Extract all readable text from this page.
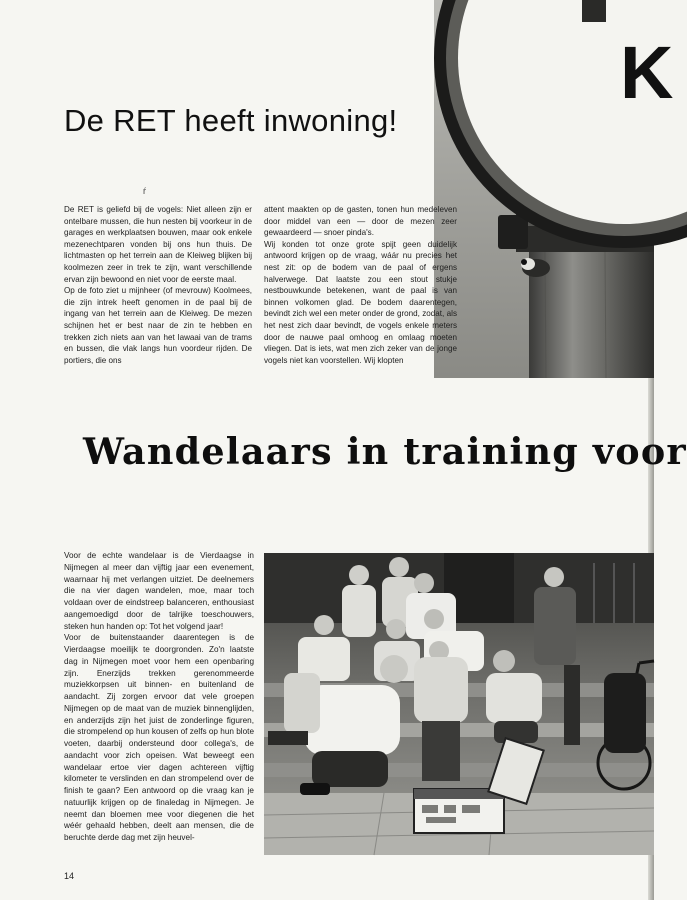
K
De RET heeft inwoning!
ŕ

De RET is geliefd bij de vogels: Niet alleen zijn er ontelbare mussen, die hun nesten bij voorkeur in de garages en werkplaatsen bouwen, maar ook enkele mezenechtparen vonden bij ons hun thuis. De lichtmasten op het terrein aan de Kleiweg blijken bij koolmezen zeer in trek te zijn, want verschillende ervan zijn bewoond en niet voor de eerste maal.

Op de foto ziet u mijnheer (of mevrouw) Koolmees, die zijn intrek heeft genomen in de paal bij de ingang van het terrein aan de Kleiweg. De mezen schijnen het er best naar de zin te hebben en trekken zich niets aan van het lawaai van de trams en bussen, die vlak langs hun voordeur rijden. De portiers, die ons

attent maakten op de gasten, tonen hun medeleven door middel van een — door de mezen zeer gewaardeerd — snoer pinda's.

Wij konden tot onze grote spijt geen duidelijk antwoord krijgen op de vraag, wáár nu precies het nest zit: op de bodem van de paal of ergens halverwege. Dat laatste zou een stout stukje nestbouwkunde betekenen, want de paal is van binnen volkomen glad. De bodem daarentegen, bevindt zich wel een meter onder de grond, zodat, als het nest zich daar bevindt, de vogels enkele meters door de nauwe paal omhoog en omlaag moeten vliegen. Dat is iets, wat men zich zeker van de jonge vogels niet kan voorstellen. Wij klopten

Wandelaars in training voor

Voor de echte wandelaar is de Vierdaagse in Nijmegen al meer dan vijftig jaar een evenement, waarnaar hij met verlangen uitziet. De deelnemers die na vier dagen wandelen, moe, maar toch voldaan over de eindstreep balanceren, enthousiast aangemoedigd door de talrijke toeschouwers, steken hun handen op: Tot het volgend jaar!

Voor de buitenstaander daarentegen is de Vierdaagse moeilijk te doorgronden. Zo'n laatste dag in Nijmegen moet voor hem een openbaring zijn. Enerzijds trekken gerenommeerde muziekkorpsen uit binnen- en buitenland de aandacht. Zij zorgen ervoor dat vele groepen Nijmegen op de maat van de muziek binnenglijden, en anderzijds zijn het juist de zonderlinge figuren, die strompelend op hun kousen of zelfs op hun blote voeten, daarbij ondersteund door collega's, de aandacht voor zich opeisen. Wat beweegt een wandelaar ertoe vier dagen achtereen vijftig kilometer te verslinden en dan strompelend over de finish te gaan? Een antwoord op die vraag kan je natuurlijk krijgen op de finaledag in Nijmegen. Je neemt dan bloemen mee voor diegenen die het wéér gehaald hebben, deelt aan mensen, die de beruchte derde dag met zijn heuvel-

14
